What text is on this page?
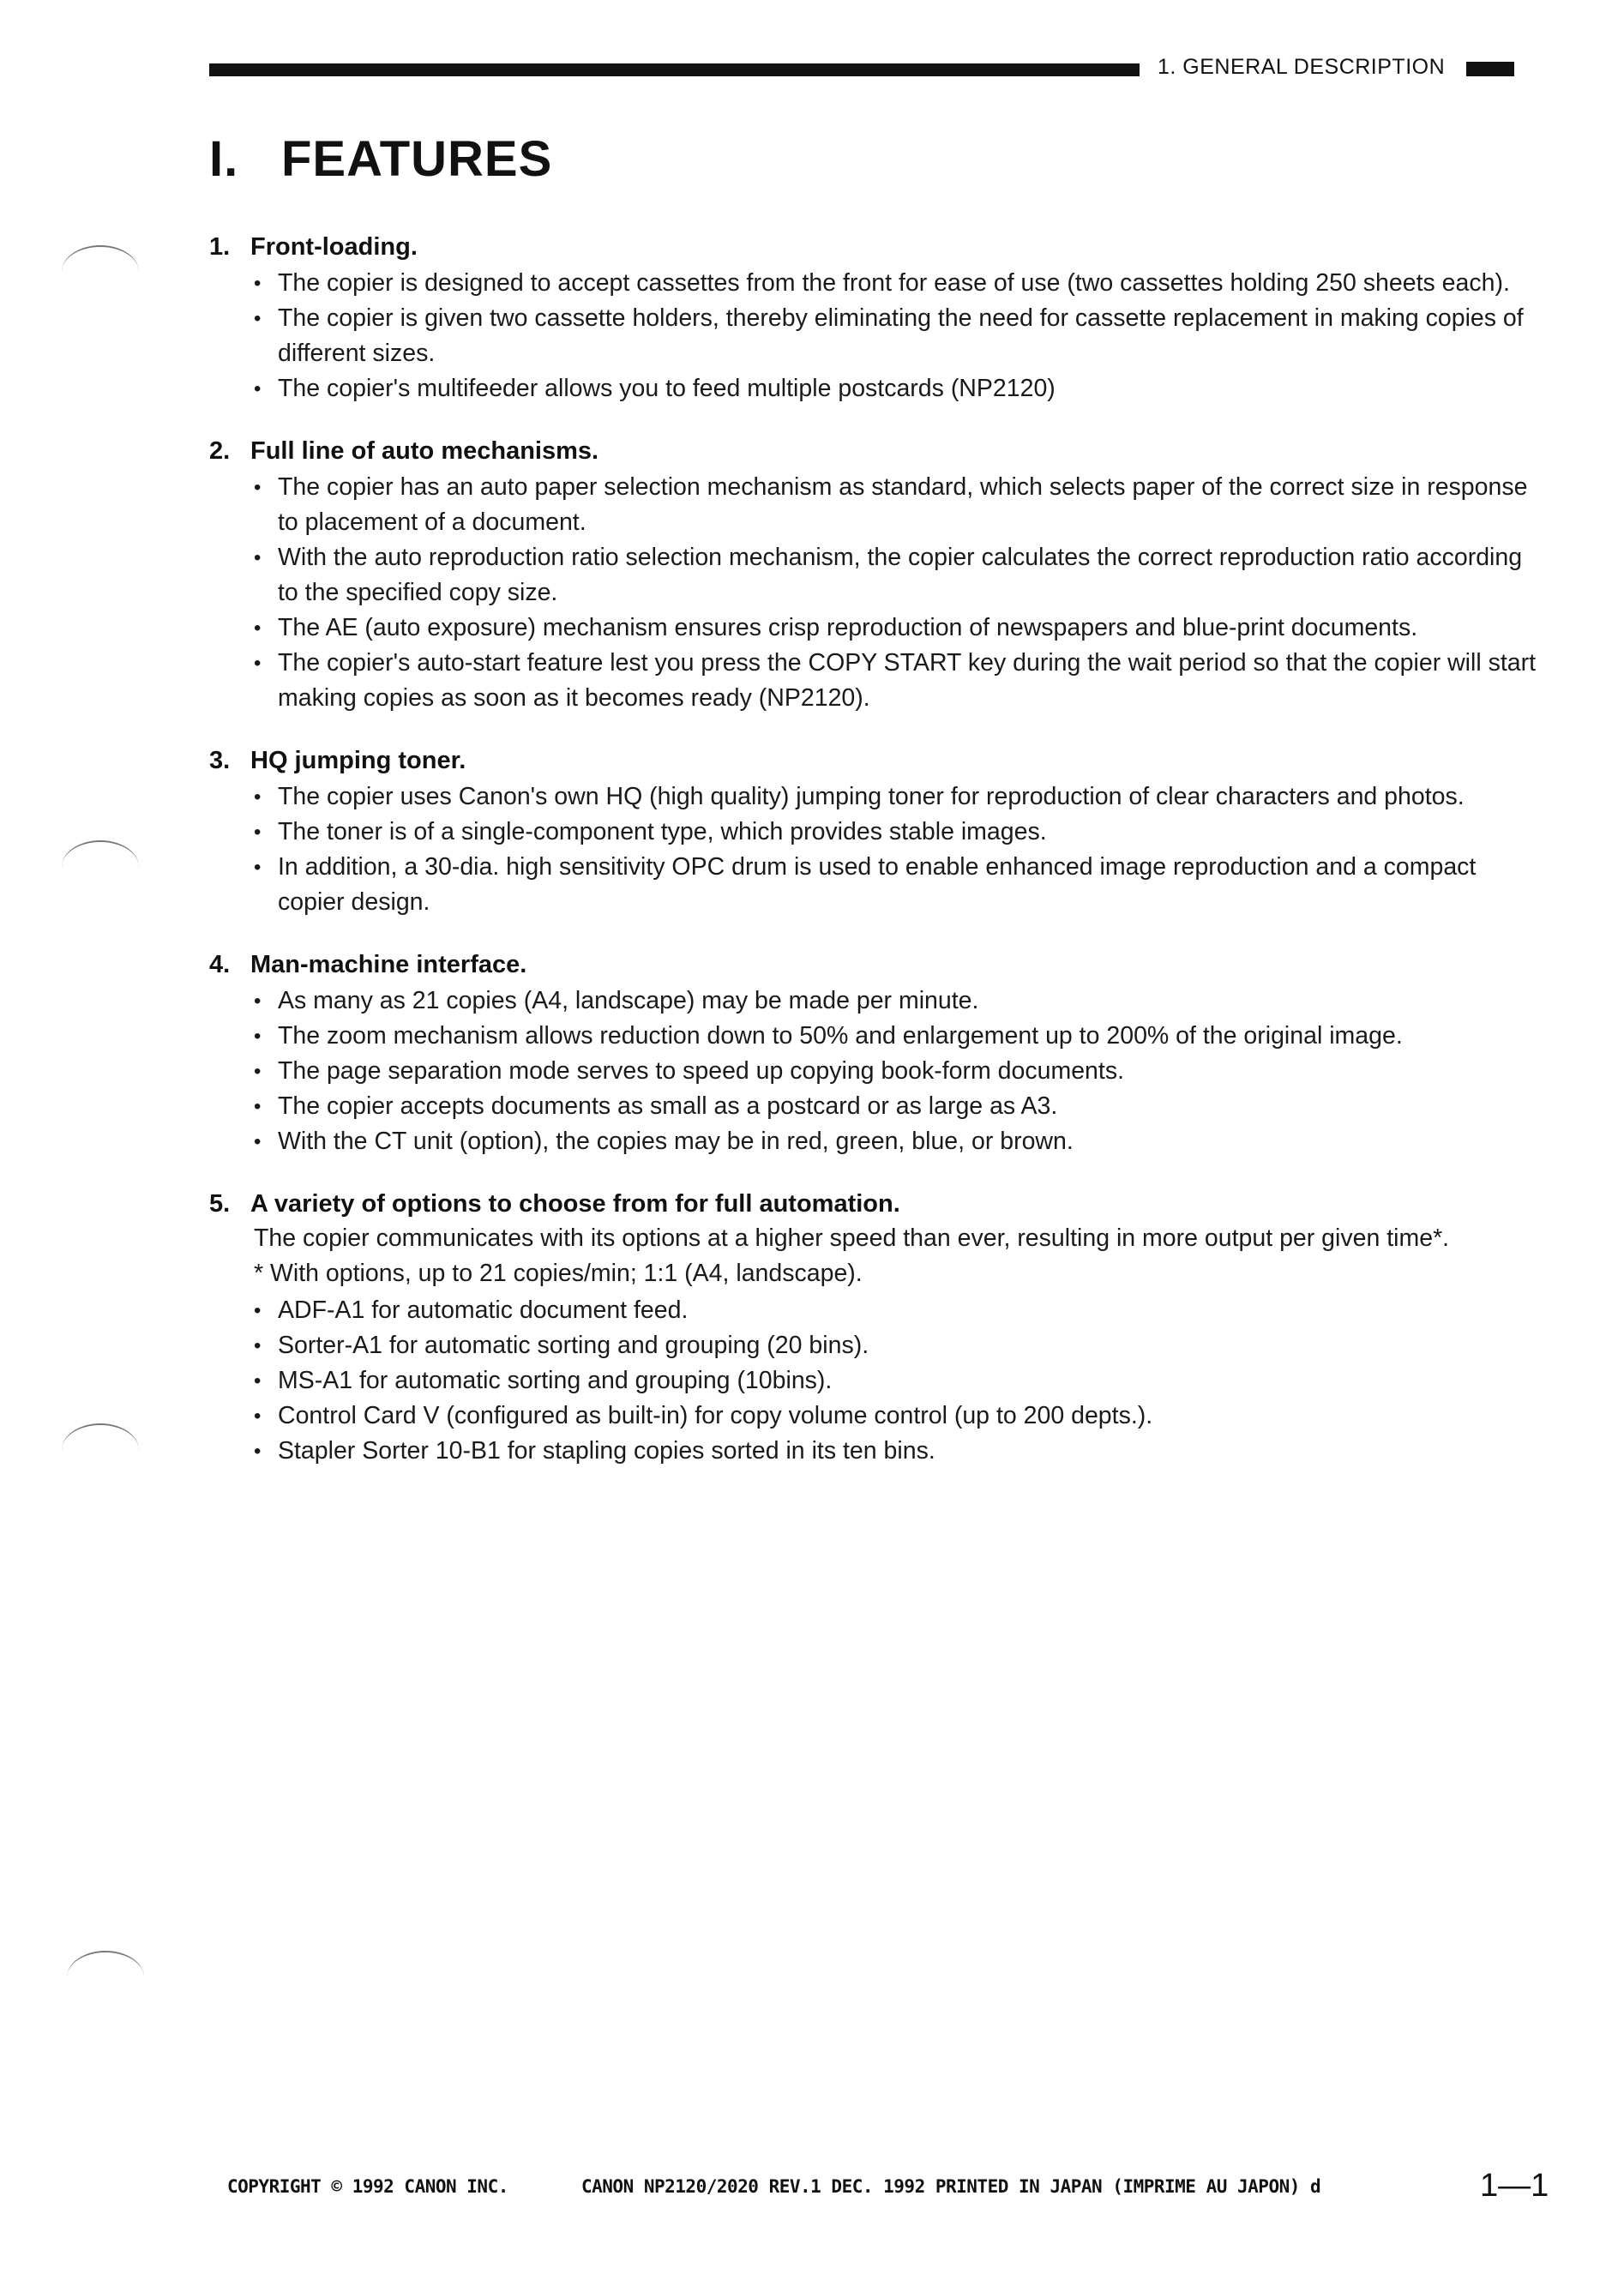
1. GENERAL DESCRIPTION
I. FEATURES

1. Front-loading.

• The copier is designed to accept cassettes from the front for ease of use (two cassettes holding 250 sheets each).
• The copier is given two cassette holders, thereby eliminating the need for cassette replacement in making copies of different sizes.
• The copier's multifeeder allows you to feed multiple postcards (NP2120)

2. Full line of auto mechanisms.

• The copier has an auto paper selection mechanism as standard, which selects paper of the correct size in response to placement of a document.
• With the auto reproduction ratio selection mechanism, the copier calculates the correct reproduction ratio according to the specified copy size.
• The AE (auto exposure) mechanism ensures crisp reproduction of newspapers and blue-print documents.
• The copier's auto-start feature lest you press the COPY START key during the wait period so that the copier will start making copies as soon as it becomes ready (NP2120).

3. HQ jumping toner.

• The copier uses Canon's own HQ (high quality) jumping toner for reproduction of clear characters and photos.
• The toner is of a single-component type, which provides stable images.
• In addition, a 30-dia. high sensitivity OPC drum is used to enable enhanced image reproduction and a compact copier design.

4. Man-machine interface.

• As many as 21 copies (A4, landscape) may be made per minute.
• The zoom mechanism allows reduction down to 50% and enlargement up to 200% of the original image.
• The page separation mode serves to speed up copying book-form documents.
• The copier accepts documents as small as a postcard or as large as A3.
• With the CT unit (option), the copies may be in red, green, blue, or brown.

5. A variety of options to choose from for full automation.

The copier communicates with its options at a higher speed than ever, resulting in more output per given time*.

* With options, up to 21 copies/min; 1:1 (A4, landscape).

• ADF-A1 for automatic document feed.
• Sorter-A1 for automatic sorting and grouping (20 bins).
• MS-A1 for automatic sorting and grouping (10bins).
• Control Card V (configured as built-in) for copy volume control (up to 200 depts.).
• Stapler Sorter 10-B1 for stapling copies sorted in its ten bins.
COPYRIGHT © 1992 CANON INC.	CANON NP2120/2020 REV.1 DEC. 1992 PRINTED IN JAPAN (IMPRIME AU JAPON) d	1—1
